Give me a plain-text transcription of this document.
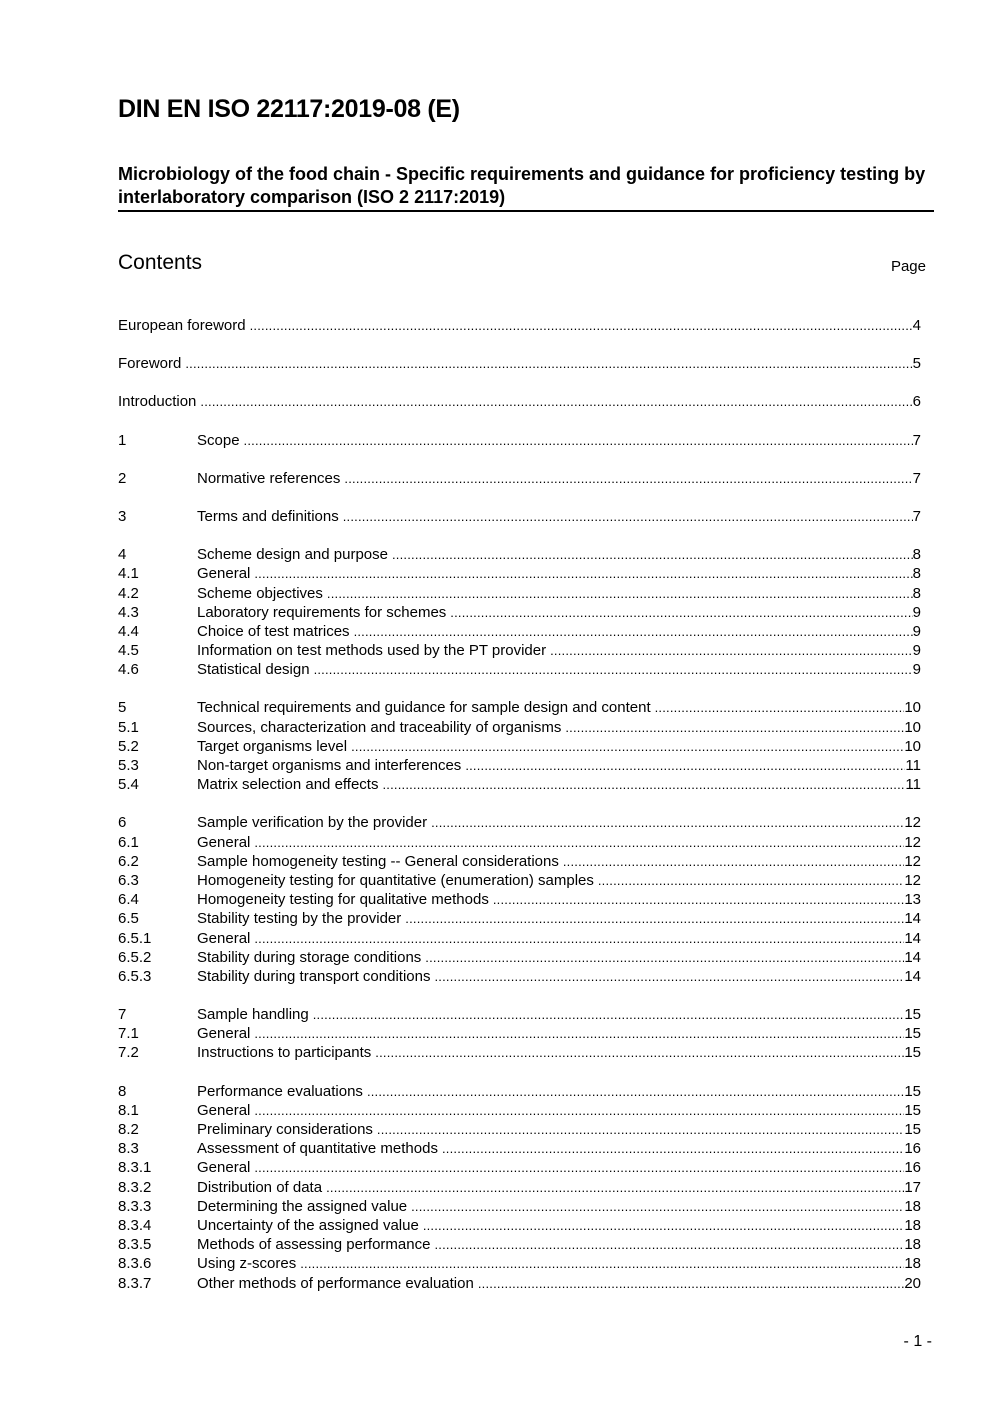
DIN EN ISO 22117:2019-08 (E)
Microbiology of the food chain - Specific requirements and guidance for proficiency testing by interlaboratory comparison (ISO 2 2117:2019)
Contents	Page
European foreword .....	4
Foreword .....	5
Introduction .....	6
1	Scope .....	7
2	Normative references .....	7
3	Terms and definitions .....	7
4	Scheme design and purpose .....	8
4.1	General .....	8
4.2	Scheme objectives .....	8
4.3	Laboratory requirements for schemes .....	9
4.4	Choice of test matrices .....	9
4.5	Information on test methods used by the PT provider .....	9
4.6	Statistical design .....	9
5	Technical requirements and guidance for sample design and content .....	10
5.1	Sources, characterization and traceability of organisms .....	10
5.2	Target organisms level .....	10
5.3	Non-target organisms and interferences .....	11
5.4	Matrix selection and effects .....	11
6	Sample verification by the provider .....	12
6.1	General .....	12
6.2	Sample homogeneity testing -- General considerations .....	12
6.3	Homogeneity testing for quantitative (enumeration) samples .....	12
6.4	Homogeneity testing for qualitative methods .....	13
6.5	Stability testing by the provider .....	14
6.5.1	General .....	14
6.5.2	Stability during storage conditions .....	14
6.5.3	Stability during transport conditions .....	14
7	Sample handling .....	15
7.1	General .....	15
7.2	Instructions to participants .....	15
8	Performance evaluations .....	15
8.1	General .....	15
8.2	Preliminary considerations .....	15
8.3	Assessment of quantitative methods .....	16
8.3.1	General .....	16
8.3.2	Distribution of data .....	17
8.3.3	Determining the assigned value .....	18
8.3.4	Uncertainty of the assigned value .....	18
8.3.5	Methods of assessing performance .....	18
8.3.6	Using z-scores .....	18
8.3.7	Other methods of performance evaluation .....	20
- 1 -
